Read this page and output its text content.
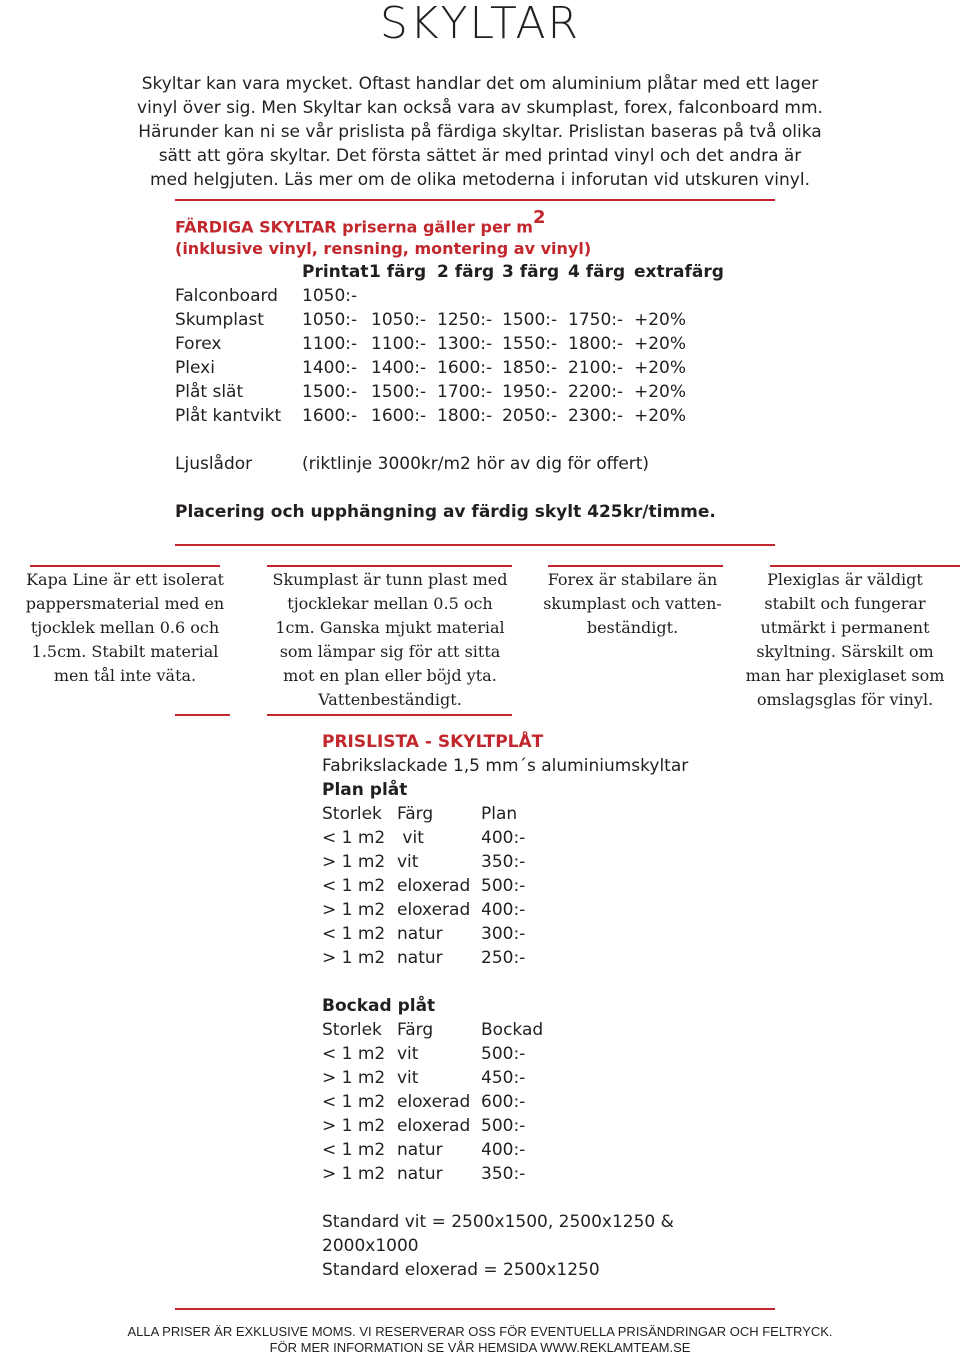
SKYLTAR
Skyltar kan vara mycket. Oftast handlar det om aluminium plåtar med ett lager
vinyl över sig. Men Skyltar kan också vara av skumplast, forex, falconboard mm.
Härunder kan ni se vår prislista på färdiga skyltar. Prislistan baseras på två olika
sätt att göra skyltar. Det första sättet är med printad vinyl och det andra är
med helgjuten. Läs mer om de olika metoderna i inforutan vid utskuren vinyl.
FÄRDIGA SKYLTAR priserna gäller per $m^2$
(inklusive vinyl, rensning, montering av vinyl)
Printat 1 färg 2 färg 3 färg 4 färg extrafärg
Falconboard 1050:-
Skumplast 1050:- 1050:- 1250:- 1500:- 1750:- +20%
Forex	1100:- 1100:- 1300:- 1550:- 1800:- +20%
Plexi	1400:- 1400:- 1600:- 1850:- 2100:- +20%
Plåt slät	1500:- 1500:- 1700:- 1950:- 2200:- +20%
Plåt kantvikt 1600:- 1600:- 1800:- 2050:- 2300:- +20%
Ljuslådor	(riktlinje 3000kr/m2 hör av dig för offert)
Placering och upphängning av färdig skylt 425kr/timme.
Kapa Line är ett isolerat
pappersmaterial med en
tjocklek mellan 0.6 och
1.5cm. Stabilt material
men tål inte väta.
Skumplast är tunn plast med
tjocklekar mellan 0.5 och
1cm. Ganska mjukt material
som lämpar sig för att sitta
mot en plan eller böjd yta.
Vattenbeständigt.
Forex är stabilare än
skumplast och vatten-
beständigt.
Plexiglas är väldigt
stabilt och fungerar
utmärkt i permanent
skyltning. Särskilt om
man har plexiglaset som
omslagsglas för vinyl.
PRISLISTA - SKYLTPLÅT
Fabrikslackade 1,5 mm´s aluminiumskyltar
Plan plåt
Storlek Färg	Plan
< 1 m2 vit	400:-
> 1 m2 vit	350:-
< 1 m2 eloxerad 500:-
> 1 m2 eloxerad 400:-
< 1 m2 natur 300:-
> 1 m2 natur 250:-
Bockad plåt
Storlek Färg	Bockad
< 1 m2 vit	500:-
> 1 m2 vit	450:-
< 1 m2 eloxerad 600:-
> 1 m2 eloxerad 500:-
< 1 m2 natur 400:-
> 1 m2 natur 350:-
Standard vit = 2500x1500, 2500x1250 &
2000x1000
Standard eloxerad = 2500x1250
ALLA PRISER ÄR EXKLUSIVE MOMS. VI RESERVERAR OSS FÖR EVENTUELLA PRISÄNDRINGAR OCH FELTRYCK.
FÖR MER INFORMATION SE VÅR HEMSIDA WWW.REKLAMTEAM.SE
